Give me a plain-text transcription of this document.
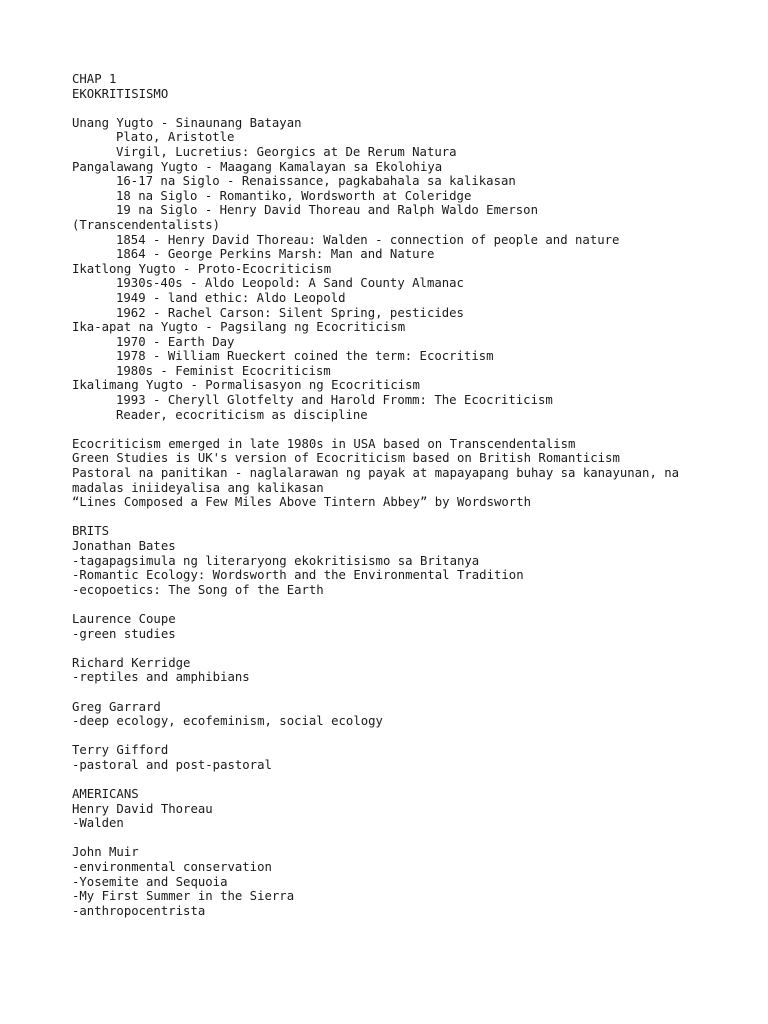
CHAP 1
EKOKRITISISMO
Unang Yugto - Sinaunang Batayan
Plato, Aristotle
Virgil, Lucretius: Georgics at De Rerum Natura
Pangalawang Yugto - Maagang Kamalayan sa Ekolohiya
16-17 na Siglo - Renaissance, pagkabahala sa kalikasan
18 na Siglo - Romantiko, Wordsworth at Coleridge
19 na Siglo - Henry David Thoreau and Ralph Waldo Emerson
(Transcendentalists)
1854 - Henry David Thoreau: Walden - connection of people and nature
1864 - George Perkins Marsh: Man and Nature
Ikatlong Yugto - Proto-Ecocriticism
1930s-40s - Aldo Leopold: A Sand County Almanac
1949 - land ethic: Aldo Leopold
1962 - Rachel Carson: Silent Spring, pesticides
Ika-apat na Yugto - Pagsilang ng Ecocriticism
1970 - Earth Day
1978 - William Rueckert coined the term: Ecocritism
1980s - Feminist Ecocriticism
Ikalimang Yugto - Pormalisasyon ng Ecocriticism
1993 - Cheryll Glotfelty and Harold Fromm: The Ecocriticism
Reader, ecocriticism as discipline
Ecocriticism emerged in late 1980s in USA based on Transcendentalism
Green Studies is UK's version of Ecocriticism based on British Romanticism
Pastoral na panitikan - naglalarawan ng payak at mapayapang buhay sa kanayunan, na
madalas iniideyalisa ang kalikasan
“Lines Composed a Few Miles Above Tintern Abbey” by Wordsworth
BRITS
Jonathan Bates
-tagapagsimula ng literaryong ekokritisismo sa Britanya
-Romantic Ecology: Wordsworth and the Environmental Tradition
-ecopoetics: The Song of the Earth
Laurence Coupe
-green studies
Richard Kerridge
-reptiles and amphibians
Greg Garrard
-deep ecology, ecofeminism, social ecology
Terry Gifford
-pastoral and post-pastoral
AMERICANS
Henry David Thoreau
-Walden
John Muir
-environmental conservation
-Yosemite and Sequoia
-My First Summer in the Sierra
-anthropocentrista
